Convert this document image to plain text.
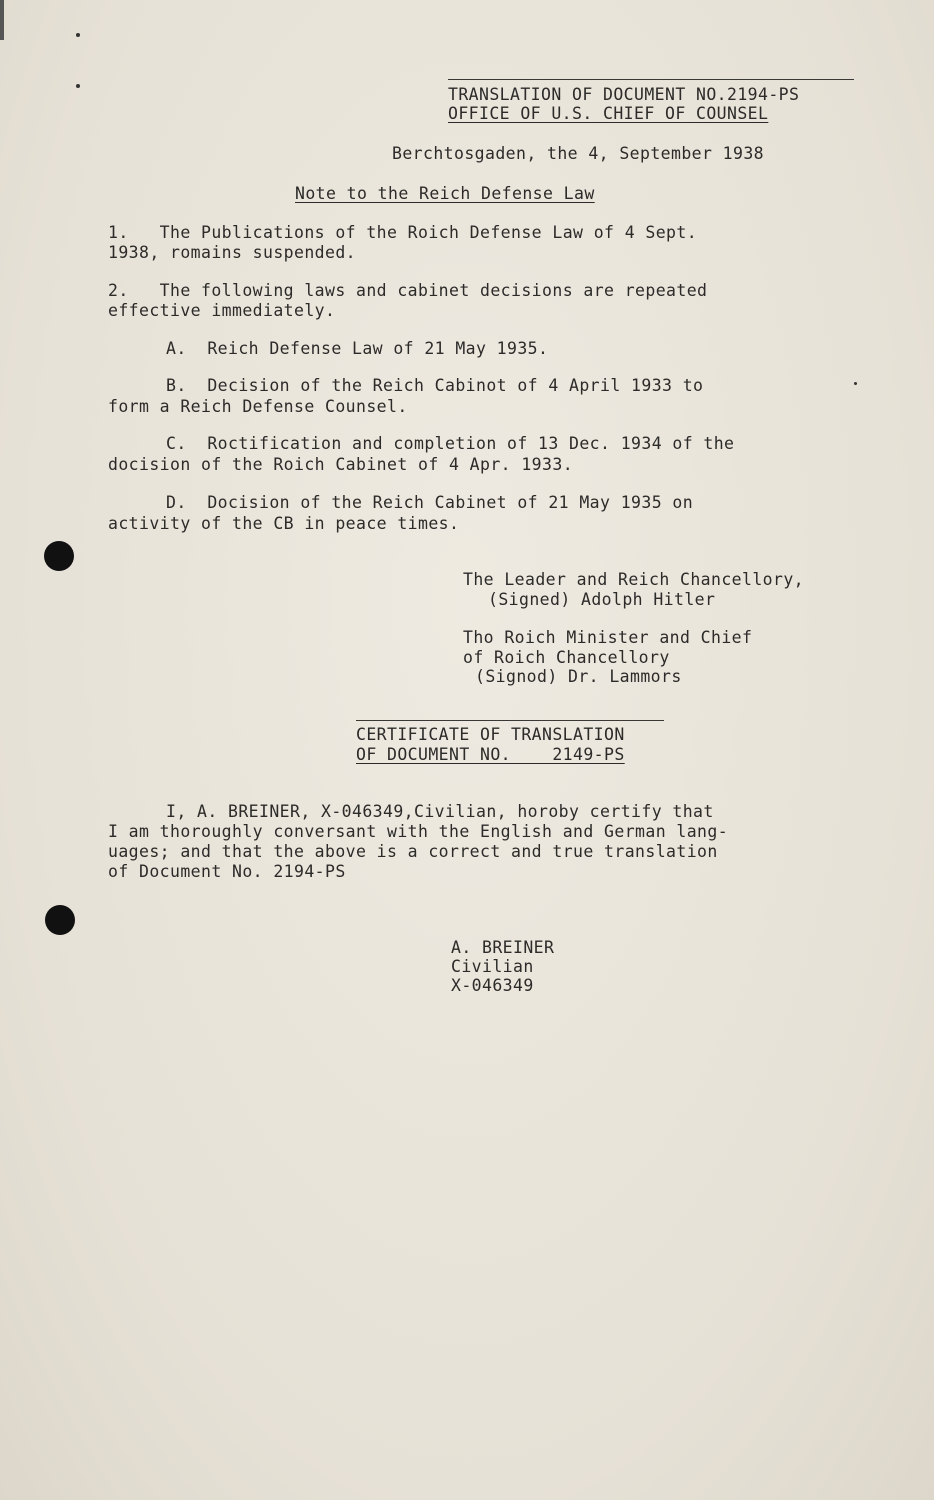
TRANSLATION OF DOCUMENT NO.2194-PS
OFFICE OF U.S. CHIEF OF COUNSEL
Berchtosgaden, the 4, September 1938
Note to the Reich Defense Law
1.   The Publications of the Roich Defense Law of 4 Sept.
1938, romains suspended.
2.   The following laws and cabinet decisions are repeated
effective immediately.
A.  Reich Defense Law of 21 May 1935.
B.  Decision of the Reich Cabinot of 4 April 1933 to
form a Reich Defense Counsel.
C.  Roctification and completion of 13 Dec. 1934 of the
docision of the Roich Cabinet of 4 Apr. 1933.
D.  Docision of the Reich Cabinet of 21 May 1935 on
activity of the CB in peace times.
The Leader and Reich Chancellory,
(Signed) Adolph Hitler
Tho Roich Minister and Chief
of Roich Chancellory
(Signod) Dr. Lammors
CERTIFICATE OF TRANSLATION
OF DOCUMENT NO.    2149-PS
I, A. BREINER, X-046349,Civilian, horoby certify that
I am thoroughly conversant with the English and German lang-
uages; and that the above is a correct and true translation
of Document No. 2194-PS
A. BREINER
Civilian
X-046349
